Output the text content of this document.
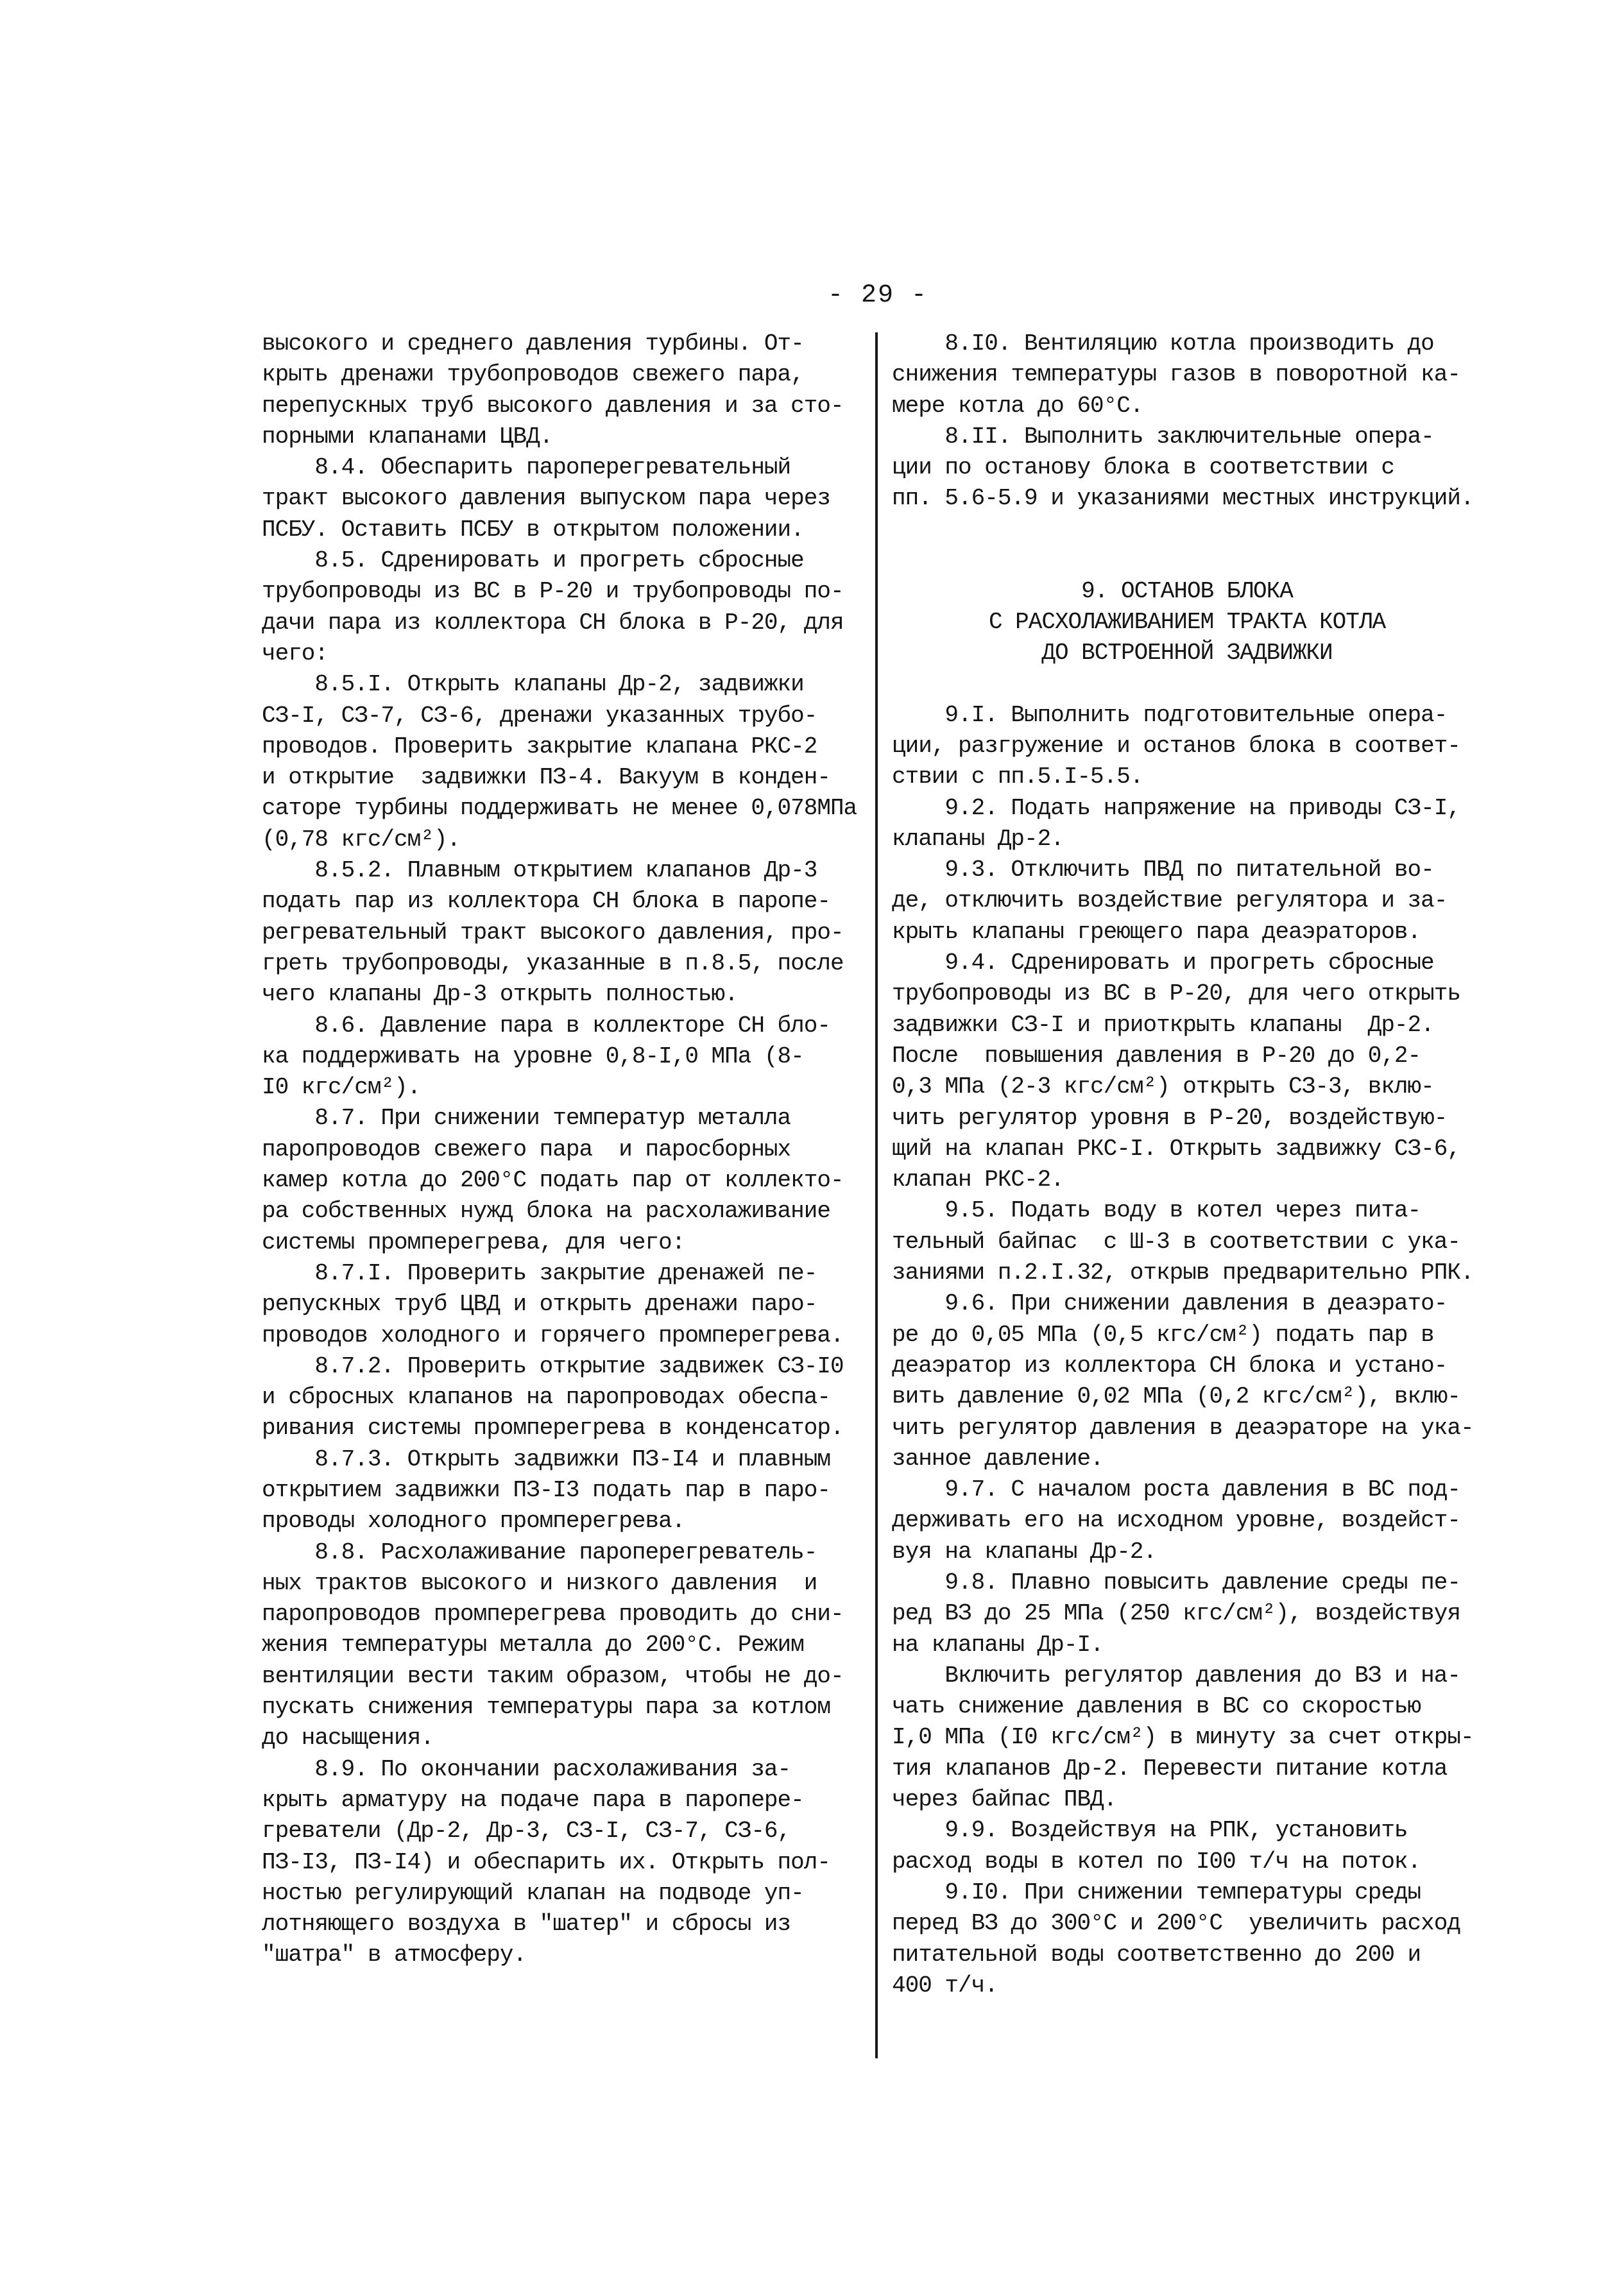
- 29 -
высокого и среднего давления турбины. От-
крыть дренажи трубопроводов свежего пара,
перепускных труб высокого давления и за сто-
порными клапанами ЦВД.
8.4. Обеспарить пароперегревательный
тракт высокого давления выпуском пара через
ПСБУ. Оставить ПСБУ в открытом положении.
8.5. Сдренировать и прогреть сбросные
трубопроводы из ВС в Р-20 и трубопроводы по-
дачи пара из коллектора СН блока в Р-20, для
чего:
8.5.I. Открыть клапаны Др-2, задвижки
СЗ-I, СЗ-7, СЗ-6, дренажи указанных трубо-
проводов. Проверить закрытие клапана РКС-2
и открытие  задвижки ПЗ-4. Вакуум в конден-
саторе турбины поддерживать не менее 0,078МПа
(0,78 кгс/см²).
8.5.2. Плавным открытием клапанов Др-3
подать пар из коллектора СН блока в паропе-
регревательный тракт высокого давления, про-
греть трубопроводы, указанные в п.8.5, после
чего клапаны Др-3 открыть полностью.
8.6. Давление пара в коллекторе СН бло-
ка поддерживать на уровне 0,8-I,0 МПа (8-
I0 кгс/см²).
8.7. При снижении температур металла
паропроводов свежего пара  и паросборных
камер котла до 200°С подать пар от коллекто-
ра собственных нужд блока на расхолаживание
системы промперегрева, для чего:
8.7.I. Проверить закрытие дренажей пе-
репускных труб ЦВД и открыть дренажи паро-
проводов холодного и горячего промперегрева.
8.7.2. Проверить открытие задвижек СЗ-I0
и сбросных клапанов на паропроводах обеспа-
ривания системы промперегрева в конденсатор.
8.7.3. Открыть задвижки ПЗ-I4 и плавным
открытием задвижки ПЗ-I3 подать пар в паро-
проводы холодного промперегрева.
8.8. Расхолаживание пароперегреватель-
ных трактов высокого и низкого давления  и
паропроводов промперегрева проводить до сни-
жения температуры металла до 200°С. Режим
вентиляции вести таким образом, чтобы не до-
пускать снижения температуры пара за котлом
до насыщения.
8.9. По окончании расхолаживания за-
крыть арматуру на подаче пара в паропере-
греватели (Др-2, Др-3, СЗ-I, СЗ-7, СЗ-6,
ПЗ-I3, ПЗ-I4) и обеспарить их. Открыть пол-
ностью регулирующий клапан на подводе уп-
лотняющего воздуха в "шатер" и сбросы из
"шатра" в атмосферу.
8.I0. Вентиляцию котла производить до
снижения температуры газов в поворотной ка-
мере котла до 60°С.
8.II. Выполнить заключительные опера-
ции по останову блока в соответствии с
пп. 5.6-5.9 и указаниями местных инструкций.
9. ОСТАНОВ БЛОКА
С РАСХОЛАЖИВАНИЕМ ТРАКТА КОТЛА
ДО ВСТРОЕННОЙ ЗАДВИЖКИ
9.I. Выполнить подготовительные опера-
ции, разгружение и останов блока в соответ-
ствии с пп.5.I-5.5.
9.2. Подать напряжение на приводы СЗ-I,
клапаны Др-2.
9.3. Отключить ПВД по питательной во-
де, отключить воздействие регулятора и за-
крыть клапаны греющего пара деаэраторов.
9.4. Сдренировать и прогреть сбросные
трубопроводы из ВС в Р-20, для чего открыть
задвижки СЗ-I и приоткрыть клапаны  Др-2.
После  повышения давления в Р-20 до 0,2-
0,3 МПа (2-3 кгс/см²) открыть СЗ-3, вклю-
чить регулятор уровня в Р-20, воздействую-
щий на клапан РКС-I. Открыть задвижку СЗ-6,
клапан РКС-2.
9.5. Подать воду в котел через пита-
тельный байпас  с Ш-3 в соответствии с ука-
заниями п.2.I.32, открыв предварительно РПК.
9.6. При снижении давления в деаэрато-
ре до 0,05 МПа (0,5 кгс/см²) подать пар в
деаэратор из коллектора СН блока и устано-
вить давление 0,02 МПа (0,2 кгс/см²), вклю-
чить регулятор давления в деаэраторе на ука-
занное давление.
9.7. С началом роста давления в ВС под-
держивать его на исходном уровне, воздейст-
вуя на клапаны Др-2.
9.8. Плавно повысить давление среды пе-
ред ВЗ до 25 МПа (250 кгс/см²), воздействуя
на клапаны Др-I.
Включить регулятор давления до ВЗ и на-
чать снижение давления в ВС со скоростью
I,0 МПа (I0 кгс/см²) в минуту за счет откры-
тия клапанов Др-2. Перевести питание котла
через байпас ПВД.
9.9. Воздействуя на РПК, установить
расход воды в котел по I00 т/ч на поток.
9.I0. При снижении температуры среды
перед ВЗ до 300°С и 200°С  увеличить расход
питательной воды соответственно до 200 и
400 т/ч.
